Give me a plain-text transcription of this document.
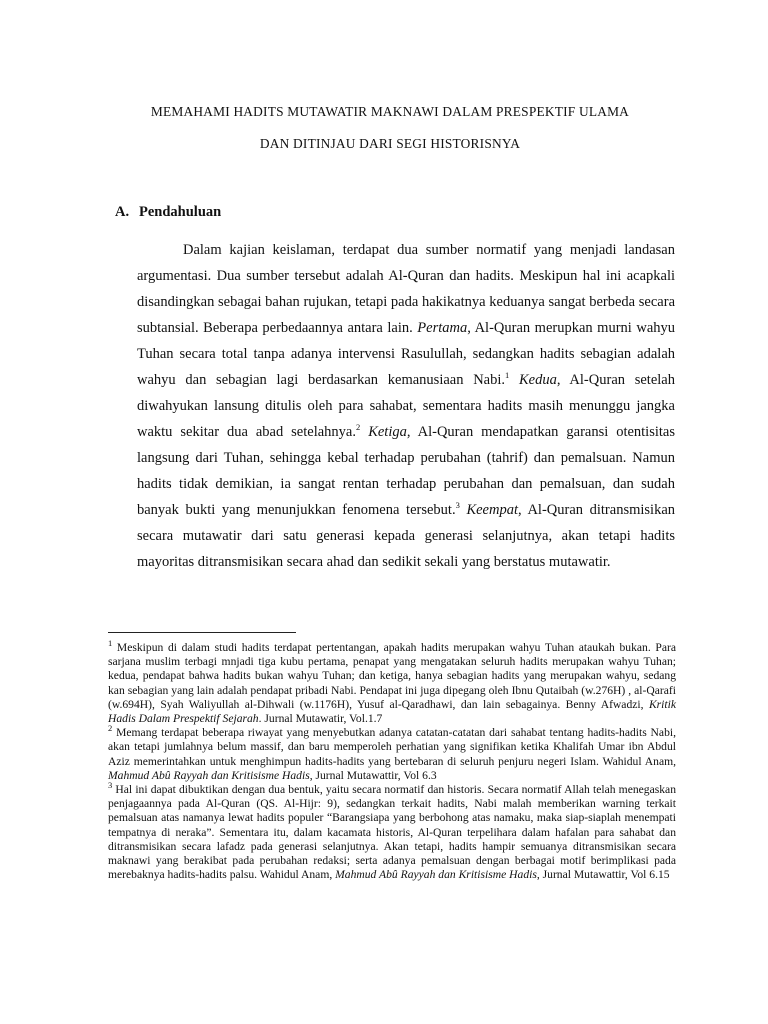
MEMAHAMI HADITS MUTAWATIR MAKNAWI DALAM PRESPEKTIF ULAMA
DAN DITINJAU DARI SEGI HISTORISNYA
A. Pendahuluan
Dalam kajian keislaman, terdapat dua sumber normatif yang menjadi landasan argumentasi. Dua sumber tersebut adalah Al-Quran dan hadits. Meskipun hal ini acapkali disandingkan sebagai bahan rujukan, tetapi pada hakikatnya keduanya sangat berbeda secara subtansial. Beberapa perbedaannya antara lain. Pertama, Al-Quran merupkan murni wahyu Tuhan secara total tanpa adanya intervensi Rasulullah, sedangkan hadits sebagian adalah wahyu dan sebagian lagi berdasarkan kemanusiaan Nabi.$^1$ Kedua, Al-Quran setelah diwahyukan lansung ditulis oleh para sahabat, sementara hadits masih menunggu jangka waktu sekitar dua abad setelahnya.$^2$ Ketiga, Al-Quran mendapatkan garansi otentisitas langsung dari Tuhan, sehingga kebal terhadap perubahan (tahrif) dan pemalsuan. Namun hadits tidak demikian, ia sangat rentan terhadap perubahan dan pemalsuan, dan sudah banyak bukti yang menunjukkan fenomena tersebut.$^3$ Keempat, Al-Quran ditransmisikan secara mutawatir dari satu generasi kepada generasi selanjutnya, akan tetapi hadits mayoritas ditransmisikan secara ahad dan sedikit sekali yang berstatus mutawatir.

$^1$ Meskipun di dalam studi hadits terdapat pertentangan, apakah hadits merupakan wahyu Tuhan ataukah bukan. Para sarjana muslim terbagi mnjadi tiga kubu pertama, penapat yang mengatakan seluruh hadits merupakan wahyu Tuhan; kedua, pendapat bahwa hadits bukan wahyu Tuhan; dan ketiga, hanya sebagian hadits yang merupakan wahyu, sedang kan sebagian yang lain adalah pendapat pribadi Nabi. Pendapat ini juga dipegang oleh Ibnu Qutaibah (w.276H) , al-Qarafi (w.694H), Syah Waliyullah al-Dihwali (w.1176H), Yusuf al-Qaradhawi, dan lain sebagainya. Benny Afwadzi, Kritik Hadis Dalam Prespektif Sejarah. Jurnal Mutawatir, Vol.1.7

$^2$ Memang terdapat beberapa riwayat yang menyebutkan adanya catatan-catatan dari sahabat tentang hadits-hadits Nabi, akan tetapi jumlahnya belum massif, dan baru memperoleh perhatian yang signifikan ketika Khalifah Umar ibn Abdul Aziz memerintahkan untuk menghimpun hadits-hadits yang bertebaran di seluruh penjuru negeri Islam. Wahidul Anam, Mahmud Abû Rayyah dan Kritisisme Hadis, Jurnal Mutawattir, Vol 6.3

$^3$ Hal ini dapat dibuktikan dengan dua bentuk, yaitu secara normatif dan historis. Secara normatif Allah telah menegaskan penjagaannya pada Al-Quran (QS. Al-Hijr: 9), sedangkan terkait hadits, Nabi malah memberikan warning terkait pemalsuan atas namanya lewat hadits populer “Barangsiapa yang berbohong atas namaku, maka siap-siaplah menempati tempatnya di neraka”. Sementara itu, dalam kacamata historis, Al-Quran terpelihara dalam hafalan para sahabat dan ditransmisikan secara lafadz pada generasi selanjutnya. Akan tetapi, hadits hampir semuanya ditransmisikan secara maknawi yang berakibat pada perubahan redaksi; serta adanya pemalsuan dengan berbagai motif berimplikasi pada merebaknya hadits-hadits palsu. Wahidul Anam, Mahmud Abû Rayyah dan Kritisisme Hadis, Jurnal Mutawattir, Vol 6.15
